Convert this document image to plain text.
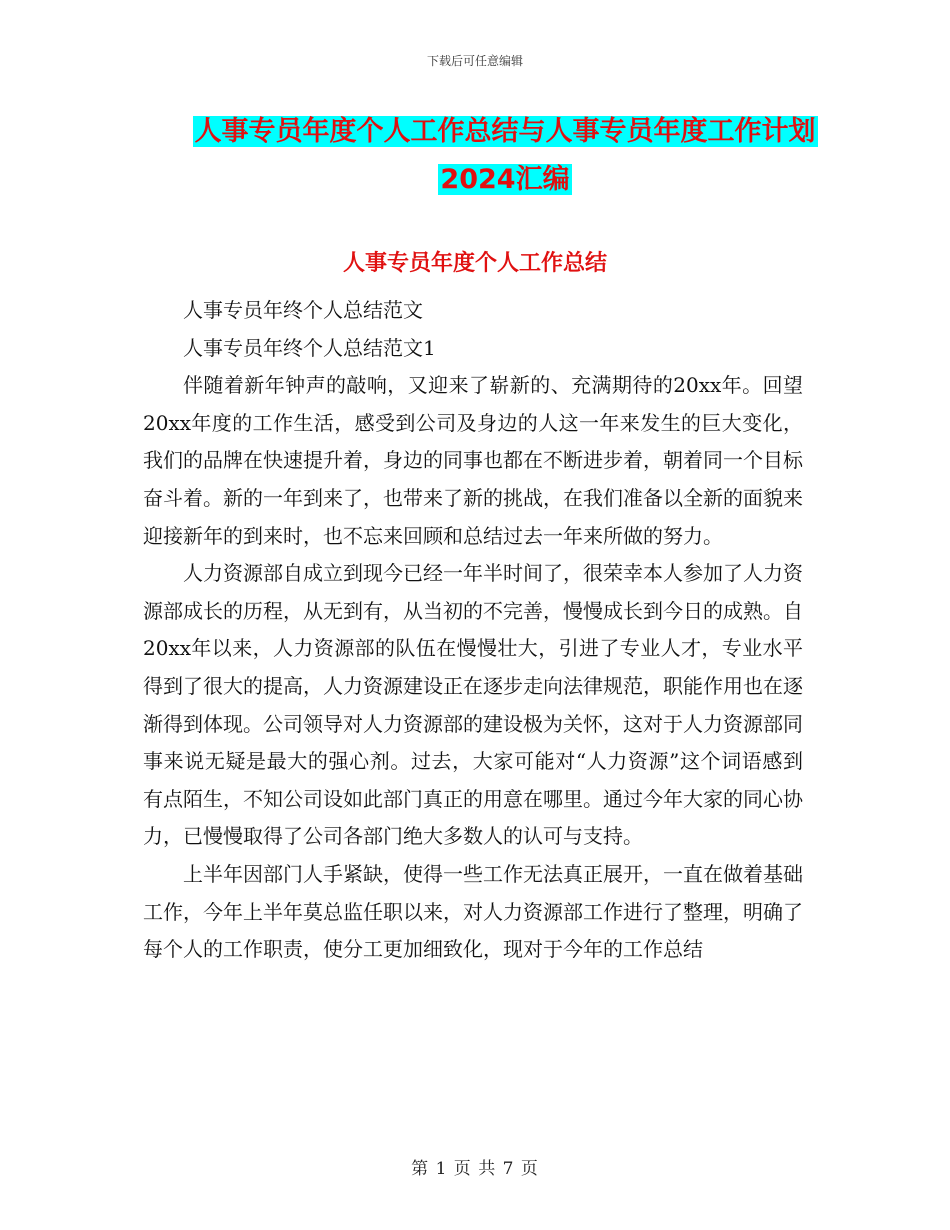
下载后可任意编辑
人事专员年度个人工作总结与人事专员年度工作计划
2024汇编
人事专员年度个人工作总结

人事专员年终个人总结范文

人事专员年终个人总结范文1

伴随着新年钟声的敲响，又迎来了崭新的、充满期待的20xx年。回望20xx年度的工作生活，感受到公司及身边的人这一年来发生的巨大变化，我们的品牌在快速提升着，身边的同事也都在不断进步着，朝着同一个目标奋斗着。新的一年到来了，也带来了新的挑战，在我们准备以全新的面貌来迎接新年的到来时，也不忘来回顾和总结过去一年来所做的努力。

人力资源部自成立到现今已经一年半时间了，很荣幸本人参加了人力资源部成长的历程，从无到有，从当初的不完善，慢慢成长到今日的成熟。自20xx年以来，人力资源部的队伍在慢慢壮大，引进了专业人才，专业水平得到了很大的提高，人力资源建设正在逐步走向法律规范，职能作用也在逐渐得到体现。公司领导对人力资源部的建设极为关怀，这对于人力资源部同事来说无疑是最大的强心剂。过去，大家可能对“人力资源”这个词语感到有点陌生，不知公司设如此部门真正的用意在哪里。通过今年大家的同心协力，已慢慢取得了公司各部门绝大多数人的认可与支持。

上半年因部门人手紧缺，使得一些工作无法真正展开，一直在做着基础工作，今年上半年莫总监任职以来，对人力资源部工作进行了整理，明确了每个人的工作职责，使分工更加细致化，现对于今年的工作总结

第 1 页 共 7 页
